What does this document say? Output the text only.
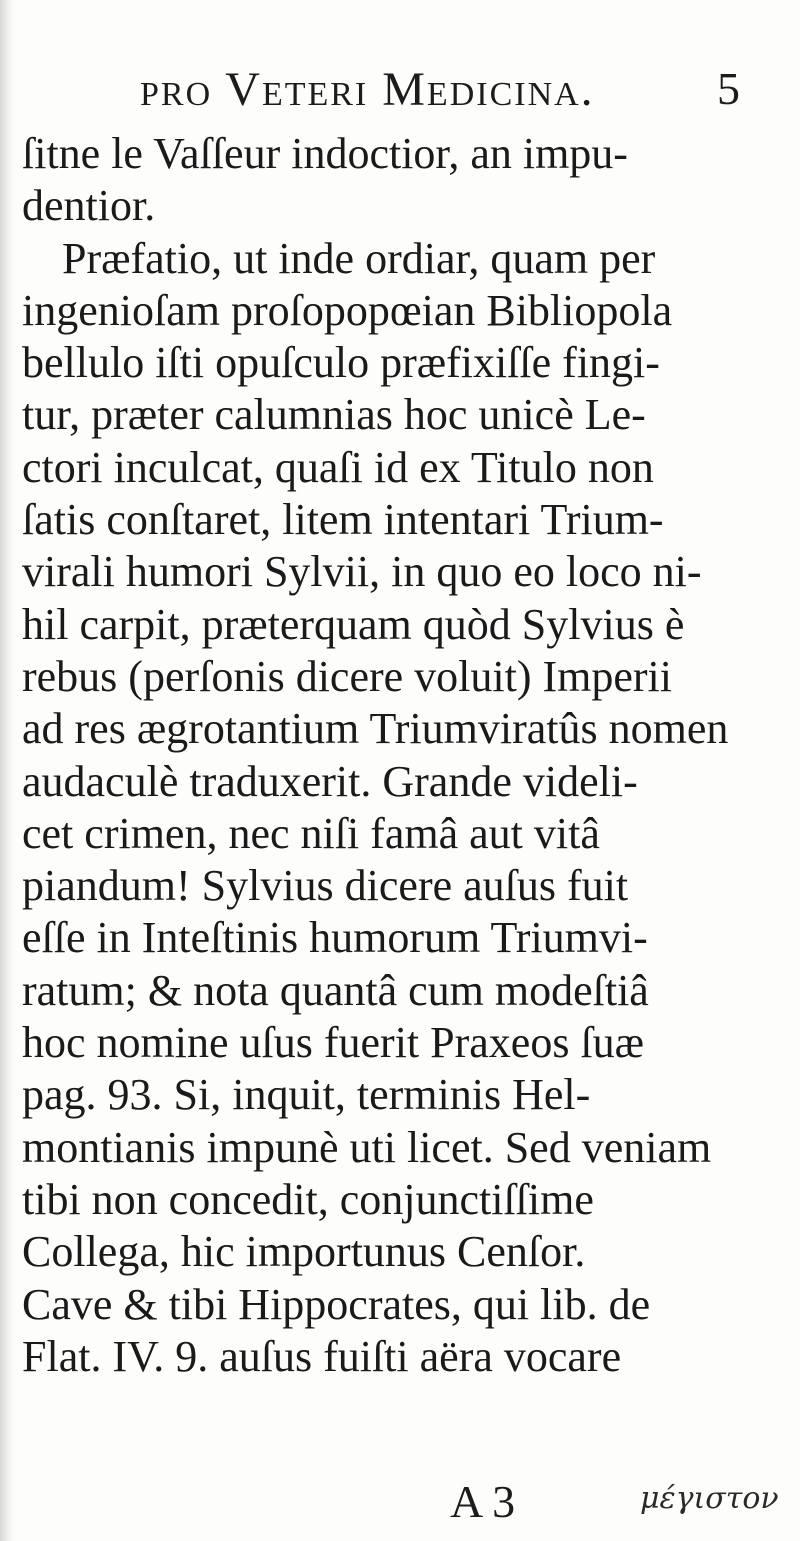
pro Veteri Medicina.	5
ſitne le Vaſſeur indoctior, an impu-
dentior.
Præfatio, ut inde ordiar, quam per
ingenioſam proſopopœian Bibliopola
bellulo iſti opuſculo præfixiſſe fingi-
tur, præter calumnias hoc unicè Le-
ctori inculcat, quaſi id ex Titulo non
ſatis conſtaret, litem intentari Trium-
virali humori Sylvii, in quo eo loco ni-
hil carpit, præterquam quòd Sylvius è
rebus (perſonis dicere voluit) Imperii
ad res ægrotantium Triumviratûs nomen
audaculè traduxerit. Grande videli-
cet crimen, nec niſi famâ aut vitâ
piandum! Sylvius dicere auſus fuit
eſſe in Inteſtinis humorum Triumvi-
ratum; & nota quantâ cum modeſtiâ
hoc nomine uſus fuerit Praxeos ſuæ
pag. 93. Si, inquit, terminis Hel-
montianis impunè uti licet. Sed veniam
tibi non concedit, conjunctiſſime
Collega, hic importunus Cenſor.
Cave & tibi Hippocrates, qui lib. de
Flat. IV. 9. auſus fuiſti aëra vocare
A 3	μέγιστον
